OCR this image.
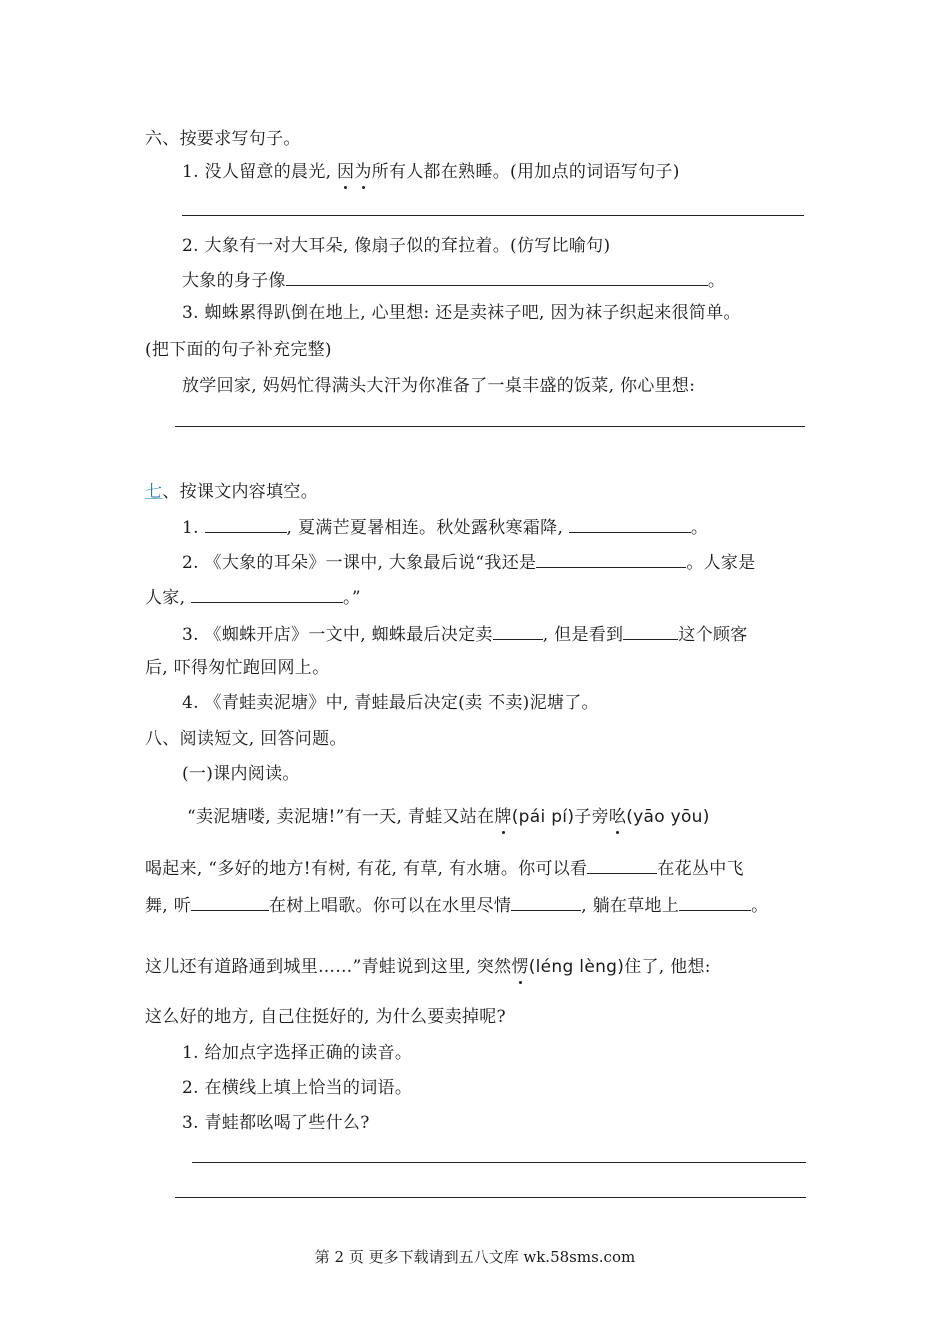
六、按要求写句子。
1. 没人留意的晨光, 因为所有人都在熟睡。(用加点的词语写句子)
2. 大象有一对大耳朵, 像扇子似的耷拉着。(仿写比喻句)
大象的身子像	。
3. 蜘蛛累得趴倒在地上, 心里想: 还是卖袜子吧, 因为袜子织起来很简单。
(把下面的句子补充完整)
放学回家, 妈妈忙得满头大汗为你准备了一桌丰盛的饭菜, 你心里想:
七、按课文内容填空。
1.	, 夏满芒夏暑相连。秋处露秋寒霜降,	。
2. 《大象的耳朵》一课中, 大象最后说“我还是	。人家是
人家,	。”
3. 《蜘蛛开店》一文中, 蜘蛛最后决定卖	, 但是看到	这个顾客
后, 吓得匆忙跑回网上。
4. 《青蛙卖泥塘》中, 青蛙最后决定(卖 不卖)泥塘了。
八、阅读短文, 回答问题。
(一)课内阅读。
“卖泥塘喽, 卖泥塘!”有一天, 青蛙又站在牌(pái pí)子旁吆(yāo yōu)
喝起来, “多好的地方!有树, 有花, 有草, 有水塘。你可以看	在花丛中飞
舞, 听	在树上唱歌。你可以在水里尽情	, 躺在草地上	。
这儿还有道路通到城里……”青蛙说到这里, 突然愣(léng lèng)住了, 他想:
这么好的地方, 自己住挺好的, 为什么要卖掉呢?
1. 给加点字选择正确的读音。
2. 在横线上填上恰当的词语。
3. 青蛙都吆喝了些什么?
第 2 页 更多下载请到五八文库 wk.58sms.com
